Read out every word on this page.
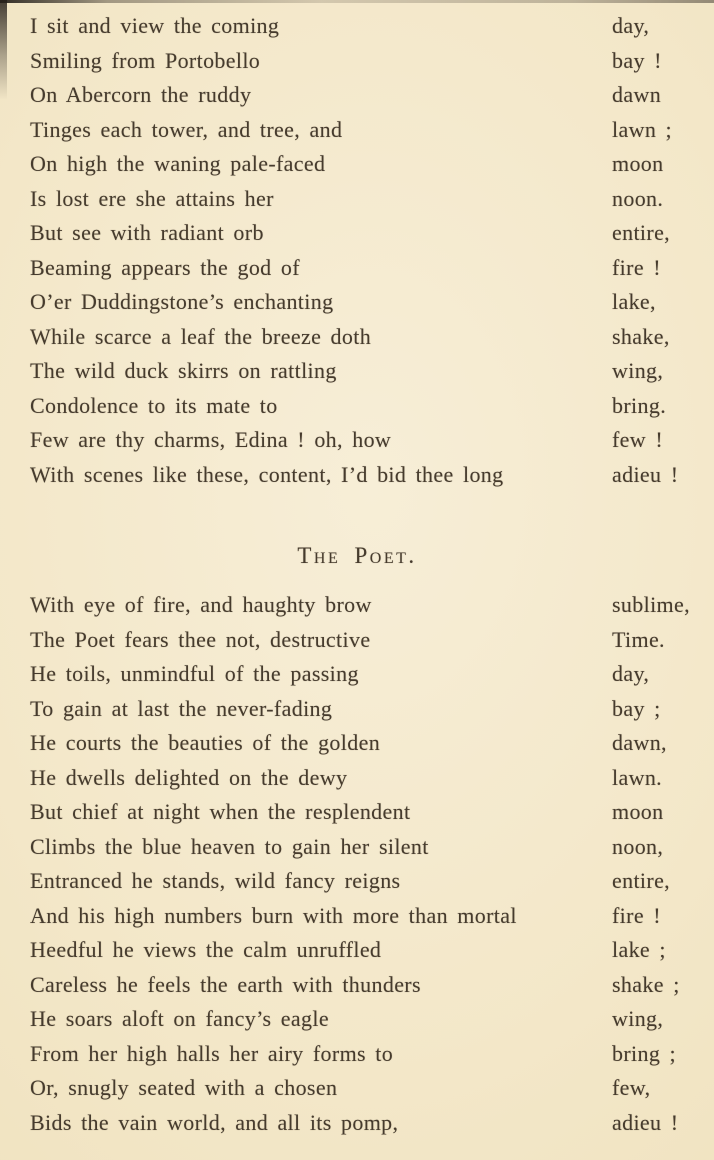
I sit and view the coming	day,
Smiling from Portobello	bay !
On Abercorn the ruddy	dawn
Tinges each tower, and tree, and	lawn ;
On high the waning pale-faced	moon
Is lost ere she attains her	noon.
But see with radiant orb	entire,
Beaming appears the god of	fire !
O’er Duddingstone’s enchanting	lake,
While scarce a leaf the breeze doth	shake,
The wild duck skirrs on rattling	wing,
Condolence to its mate to	bring.
Few are thy charms, Edina ! oh, how	few !
With scenes like these, content, I’d bid thee long	adieu !
The Poet.
With eye of fire, and haughty brow	sublime,
The Poet fears thee not, destructive	Time.
He toils, unmindful of the passing	day,
To gain at last the never-fading	bay ;
He courts the beauties of the golden	dawn,
He dwells delighted on the dewy	lawn.
But chief at night when the resplendent	moon
Climbs the blue heaven to gain her silent	noon,
Entranced he stands, wild fancy reigns	entire,
And his high numbers burn with more than mortal	fire !
Heedful he views the calm unruffled	lake ;
Careless he feels the earth with thunders	shake ;
He soars aloft on fancy’s eagle	wing,
From her high halls her airy forms to	bring ;
Or, snugly seated with a chosen	few,
Bids the vain world, and all its pomp,	adieu !
